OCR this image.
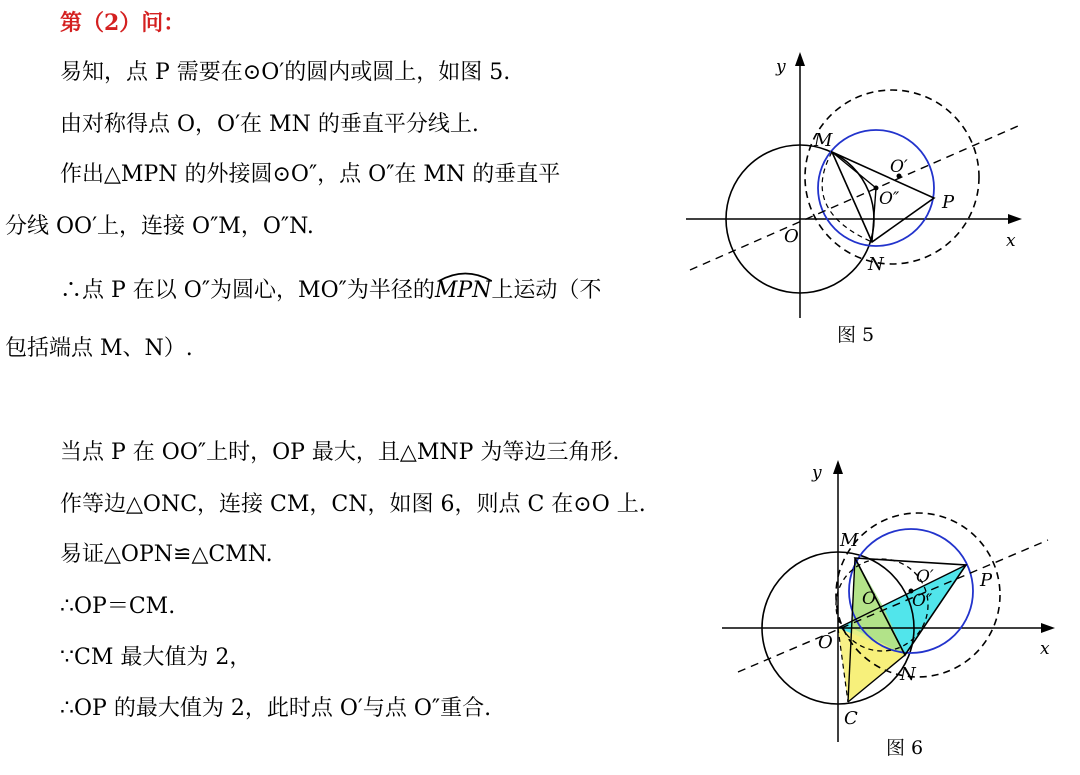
第（2）问：
易知，点 P 需要在⊙O′的圆内或圆上，如图 5.
由对称得点 O，O′在 MN 的垂直平分线上.
作出△MPN 的外接圆⊙O″，点 O″在 MN 的垂直平
分线 OO′上，连接 O″M，O″N.
∴点 P 在以 O″为圆心，MO″为半径的
MPN上运动（不
包括端点 M、N）.
当点 P 在 OO″上时，OP 最大，且△MNP 为等边三角形.
作等边△ONC，连接 CM，CN，如图 6，则点 C 在⊙O 上.
易证△OPN≌△CMN.
∴OP＝CM.
∵CM 最大值为 2，
∴OP 的最大值为 2，此时点 O′与点 O″重合.
y
x
O
M
N
P
O′
O″
图 5
y
x
O
M
N
P
C
O′
O″
O
图 6
